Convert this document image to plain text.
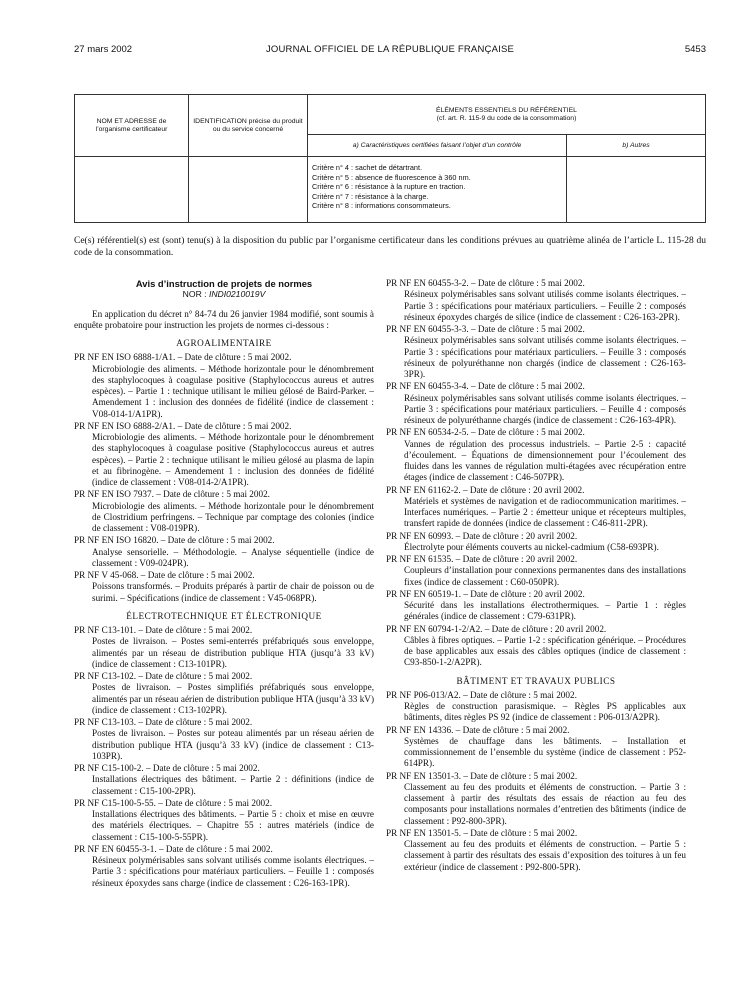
27 mars 2002	JOURNAL OFFICIEL DE LA RÉPUBLIQUE FRANÇAISE	5453
NOM ET ADRESSE de l’organisme certificateur	IDENTIFICATION précise du produit ou du service concerné	ÉLÉMENTS ESSENTIELS DU RÉFÉRENTIEL
(cf. art. R. 115-9 du code de la consommation)	

		a) Caractéristiques certifiées faisant l’objet d’un contrôle	b) Autres

		Critère n° 4 : sachet de détartrant.
Critère n° 5 : absence de fluorescence à 360 nm.
Critère n° 6 : résistance à la rupture en traction.
Critère n° 7 : résistance à la charge.
Critère n° 8 : informations consommateurs.	

Ce(s) référentiel(s) est (sont) tenu(s) à la disposition du public par l’organisme certificateur dans les conditions prévues au quatrième alinéa de l’article L. 115-28 du code de la consommation.
Avis d’instruction de projets de normes
NOR : INDI0210019V
En application du décret n° 84-74 du 26 janvier 1984 modifié, sont soumis à enquête probatoire pour instruction les projets de normes ci-dessous :
AGROALIMENTAIRE
PR NF EN ISO 6888-1/A1. – Date de clôture : 5 mai 2002.
Microbiologie des aliments. – Méthode horizontale pour le dénombrement des staphylocoques à coagulase positive (Staphylococcus aureus et autres espèces). – Partie 1 : technique utilisant le milieu gélosé de Baird-Parker. – Amendement 1 : inclusion des données de fidélité (indice de classement : V08-014-1/A1PR).
PR NF EN ISO 6888-2/A1. – Date de clôture : 5 mai 2002.
Microbiologie des aliments. – Méthode horizontale pour le dénombrement des staphylocoques à coagulase positive (Staphylococcus aureus et autres espèces). – Partie 2 : technique utilisant le milieu gélosé au plasma de lapin et au fibrinogène. – Amendement 1 : inclusion des données de fidélité (indice de classement : V08-014-2/A1PR).
PR NF EN ISO 7937. – Date de clôture : 5 mai 2002.
Microbiologie des aliments. – Méthode horizontale pour le dénombrement de Clostridium perfringens. – Technique par comptage des colonies (indice de classement : V08-019PR).
PR NF EN ISO 16820. – Date de clôture : 5 mai 2002.
Analyse sensorielle. – Méthodologie. – Analyse séquentielle (indice de classement : V09-024PR).
PR NF V 45-068. – Date de clôture : 5 mai 2002.
Poissons transformés. – Produits préparés à partir de chair de poisson ou de surimi. – Spécifications (indice de classement : V45-068PR).
ÉLECTROTECHNIQUE ET ÉLECTRONIQUE
PR NF C13-101. – Date de clôture : 5 mai 2002.
Postes de livraison. – Postes semi-enterrés préfabriqués sous enveloppe, alimentés par un réseau de distribution publique HTA (jusqu’à 33 kV) (indice de classement : C13-101PR).
PR NF C13-102. – Date de clôture : 5 mai 2002.
Postes de livraison. – Postes simplifiés préfabriqués sous enveloppe, alimentés par un réseau aérien de distribution publique HTA (jusqu’à 33 kV) (indice de classement : C13-102PR).
PR NF C13-103. – Date de clôture : 5 mai 2002.
Postes de livraison. – Postes sur poteau alimentés par un réseau aérien de distribution publique HTA (jusqu’à 33 kV) (indice de classement : C13-103PR).
PR NF C15-100-2. – Date de clôture : 5 mai 2002.
Installations électriques des bâtiment. – Partie 2 : définitions (indice de classement : C15-100-2PR).
PR NF C15-100-5-55. – Date de clôture : 5 mai 2002.
Installations électriques des bâtiments. – Partie 5 : choix et mise en œuvre des matériels électriques. – Chapitre 55 : autres matériels (indice de classement : C15-100-5-55PR).
PR NF EN 60455-3-1. – Date de clôture : 5 mai 2002.
Résineux polymérisables sans solvant utilisés comme isolants électriques. – Partie 3 : spécifications pour matériaux particuliers. – Feuille 1 : composés résineux époxydes sans charge (indice de classement : C26-163-1PR).
PR NF EN 60455-3-2. – Date de clôture : 5 mai 2002.
Résineux polymérisables sans solvant utilisés comme isolants électriques. – Partie 3 : spécifications pour matériaux particuliers. – Feuille 2 : composés résineux époxydes chargés de silice (indice de classement : C26-163-2PR).
PR NF EN 60455-3-3. – Date de clôture : 5 mai 2002.
Résineux polymérisables sans solvant utilisés comme isolants électriques. – Partie 3 : spécifications pour matériaux particuliers. – Feuille 3 : composés résineux de polyuréthanne non chargés (indice de classement : C26-163-3PR).
PR NF EN 60455-3-4. – Date de clôture : 5 mai 2002.
Résineux polymérisables sans solvant utilisés comme isolants électriques. – Partie 3 : spécifications pour matériaux particuliers. – Feuille 4 : composés résineux de polyuréthanne chargés (indice de classement : C26-163-4PR).
PR NF EN 60534-2-5. – Date de clôture : 5 mai 2002.
Vannes de régulation des processus industriels. – Partie 2-5 : capacité d’écoulement. – Équations de dimensionnement pour l’écoulement des fluides dans les vannes de régulation multi-étagées avec récupération entre étages (indice de classement : C46-507PR).
PR NF EN 61162-2. – Date de clôture : 20 avril 2002.
Matériels et systèmes de navigation et de radiocommunication maritimes. – Interfaces numériques. – Partie 2 : émetteur unique et récepteurs multiples, transfert rapide de données (indice de classement : C46-811-2PR).
PR NF EN 60993. – Date de clôture : 20 avril 2002.
Électrolyte pour éléments couverts au nickel-cadmium (C58-693PR).
PR NF EN 61535. – Date de clôture : 20 avril 2002.
Coupleurs d’installation pour connexions permanentes dans des installations fixes (indice de classement : C60-050PR).
PR NF EN 60519-1. – Date de clôture : 20 avril 2002.
Sécurité dans les installations électrothermiques. – Partie 1 : règles générales (indice de classement : C79-631PR).
PR NF EN 60794-1-2/A2. – Date de clôture : 20 avril 2002.
Câbles à fibres optiques. – Partie 1-2 : spécification générique. – Procédures de base applicables aux essais des câbles optiques (indice de classement : C93-850-1-2/A2PR).
BÂTIMENT ET TRAVAUX PUBLICS
PR NF P06-013/A2. – Date de clôture : 5 mai 2002.
Règles de construction parasismique. – Règles PS applicables aux bâtiments, dites règles PS 92 (indice de classement : P06-013/A2PR).
PR NF EN 14336. – Date de clôture : 5 mai 2002.
Systèmes de chauffage dans les bâtiments. – Installation et commissionnement de l’ensemble du système (indice de classement : P52-614PR).
PR NF EN 13501-3. – Date de clôture : 5 mai 2002.
Classement au feu des produits et éléments de construction. – Partie 3 : classement à partir des résultats des essais de réaction au feu des composants pour installations normales d’entretien des bâtiments (indice de classement : P92-800-3PR).
PR NF EN 13501-5. – Date de clôture : 5 mai 2002.
Classement au feu des produits et éléments de construction. – Partie 5 : classement à partir des résultats des essais d’exposition des toitures à un feu extérieur (indice de classement : P92-800-5PR).
